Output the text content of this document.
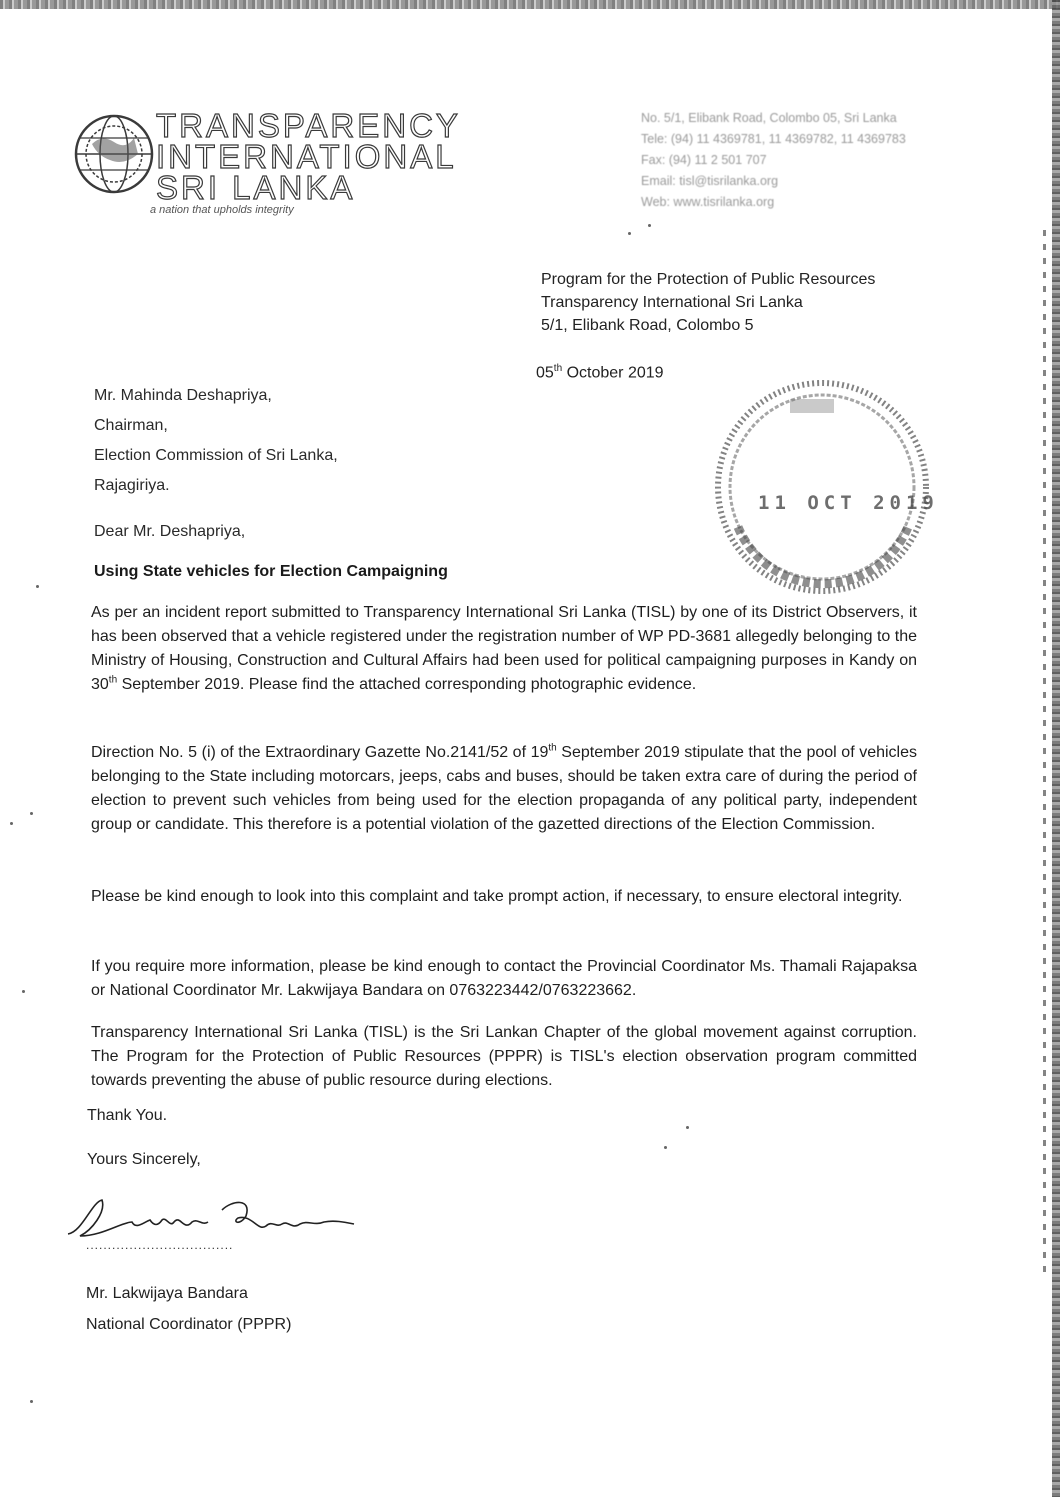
TRANSPARENCY
INTERNATIONAL
SRI LANKA
a nation that upholds integrity
No. 5/1, Elibank Road, Colombo 05, Sri Lanka
Tele: (94) 11 4369781, 11 4369782, 11 4369783
Fax: (94) 11 2 501 707
Email: tisl@tisrilanka.org
Web: www.tisrilanka.org
Program for the Protection of Public Resources
Transparency International Sri Lanka
5/1, Elibank Road, Colombo 5
05th October 2019
11 OCT 2019
Mr. Mahinda Deshapriya,
Chairman,
Election Commission of Sri Lanka,
Rajagiriya.
Dear Mr. Deshapriya,
Using State vehicles for Election Campaigning

As per an incident report submitted to Transparency International Sri Lanka (TISL) by one of its District Observers, it has been observed that a vehicle registered under the registration number of WP PD-3681 allegedly belonging to the Ministry of Housing, Construction and Cultural Affairs had been used for political campaigning purposes in Kandy on 30th September 2019. Please find the attached corresponding photographic evidence.

Direction No. 5 (i) of the Extraordinary Gazette No.2141/52 of 19th September 2019 stipulate that the pool of vehicles belonging to the State including motorcars, jeeps, cabs and buses, should be taken extra care of during the period of election to prevent such vehicles from being used for the election propaganda of any political party, independent group or candidate. This therefore is a potential violation of the gazetted directions of the Election Commission.

Please be kind enough to look into this complaint and take prompt action, if necessary, to ensure electoral integrity.

If you require more information, please be kind enough to contact the Provincial Coordinator Ms. Thamali Rajapaksa or National Coordinator Mr. Lakwijaya Bandara on 0763223442/0763223662.

Transparency International Sri Lanka (TISL) is the Sri Lankan Chapter of the global movement against corruption. The Program for the Protection of Public Resources (PPPR) is TISL's election observation program committed towards preventing the abuse of public resource during elections.

Thank You.
Yours Sincerely,
..................................
Mr. Lakwijaya Bandara
National Coordinator (PPPR)
